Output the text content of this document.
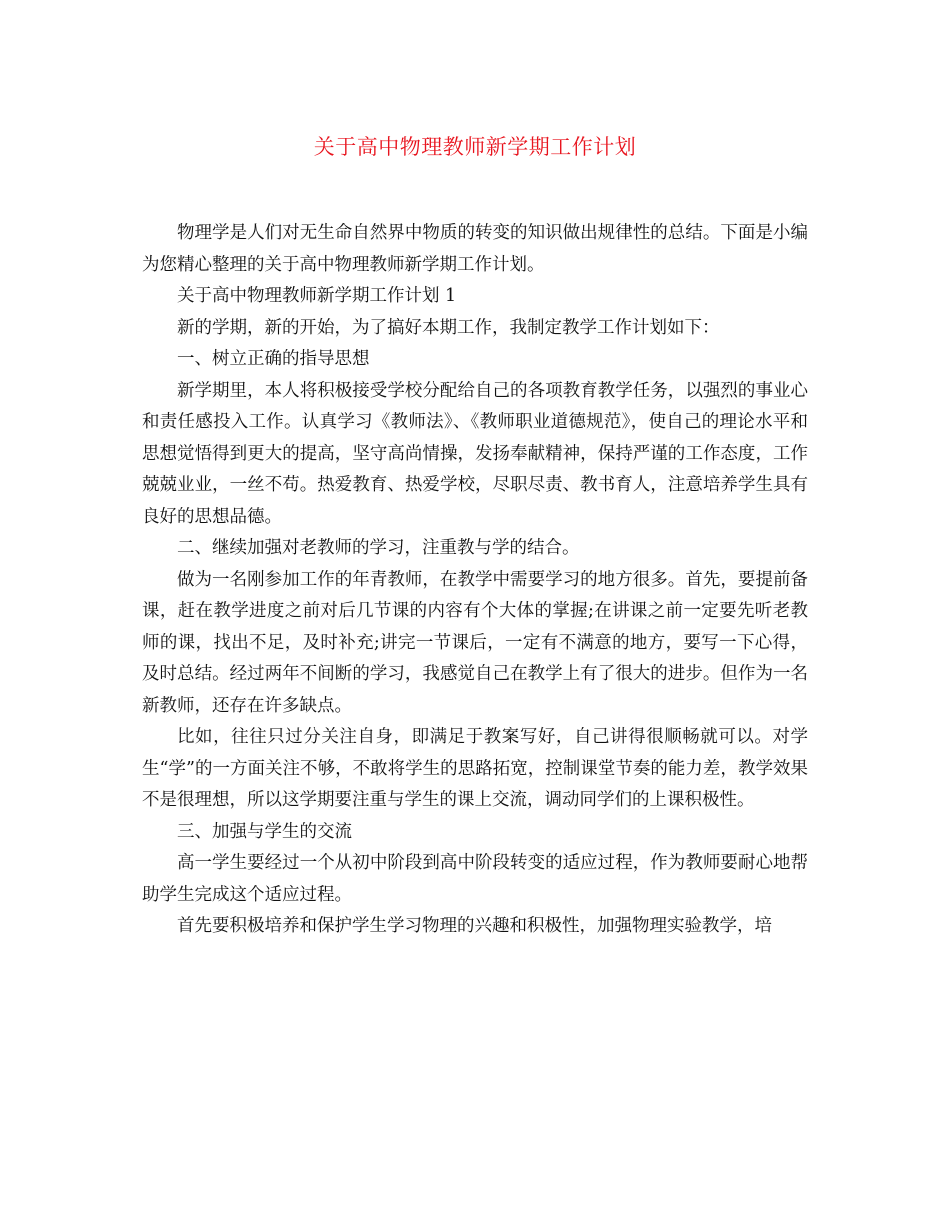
关于高中物理教师新学期工作计划

物理学是人们对无生命自然界中物质的转变的知识做出规律性的总结。下面是小编为您精心整理的关于高中物理教师新学期工作计划。

关于高中物理教师新学期工作计划 1

新的学期，新的开始，为了搞好本期工作，我制定教学工作计划如下：

一、树立正确的指导思想

新学期里，本人将积极接受学校分配给自己的各项教育教学任务，以强烈的事业心和责任感投入工作。认真学习《教师法》、《教师职业道德规范》，使自己的理论水平和思想觉悟得到更大的提高，坚守高尚情操，发扬奉献精神，保持严谨的工作态度，工作兢兢业业，一丝不苟。热爱教育、热爱学校，尽职尽责、教书育人，注意培养学生具有良好的思想品德。

二、继续加强对老教师的学习，注重教与学的结合。

做为一名刚参加工作的年青教师，在教学中需要学习的地方很多。首先，要提前备课，赶在教学进度之前对后几节课的内容有个大体的掌握;在讲课之前一定要先听老教师的课，找出不足，及时补充;讲完一节课后，一定有不满意的地方，要写一下心得，及时总结。经过两年不间断的学习，我感觉自己在教学上有了很大的进步。但作为一名新教师，还存在许多缺点。

比如，往往只过分关注自身，即满足于教案写好，自己讲得很顺畅就可以。对学生“学”的一方面关注不够，不敢将学生的思路拓宽，控制课堂节奏的能力差，教学效果不是很理想，所以这学期要注重与学生的课上交流，调动同学们的上课积极性。

三、加强与学生的交流

高一学生要经过一个从初中阶段到高中阶段转变的适应过程，作为教师要耐心地帮助学生完成这个适应过程。

首先要积极培养和保护学生学习物理的兴趣和积极性，加强物理实验教学，培
